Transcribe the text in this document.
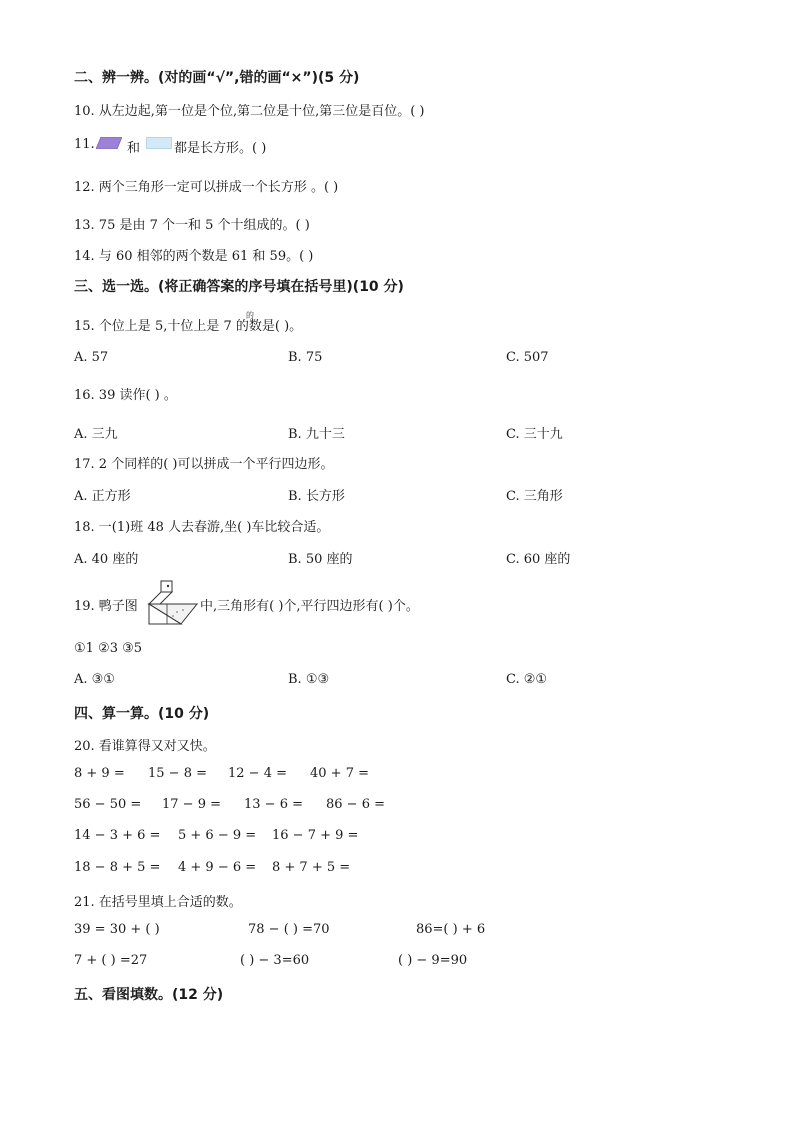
二、辨一辨。(对的画“√”,错的画“×”)(5 分)
10. 从左边起,第一位是个位,第二位是十位,第三位是百位。( )
11. 和	都是长方形。( )
12. 两个三角形一定可以拼成一个长方形 。( )
13. 75 是由 7 个一和 5 个十组成的。( )
14. 与 60 相邻的两个数是 61 和 59。( )
三、选一选。(将正确答案的序号填在括号里)(10 分)
15. 个位上是 5,十位上是 7 的数是( )。
的
A. 57	B. 75	C. 507
16. 39 读作( ) 。
A. 三九	B. 九十三	C. 三十九
17. 2 个同样的( )可以拼成一个平行四边形。
A. 正方形	B. 长方形	C. 三角形
18. 一(1)班 48 人去春游,坐( )车比较合适。
A. 40 座的	B. 50 座的	C. 60 座的
19. 鸭子图	中,三角形有( )个,平行四边形有( )个。
①1 ②3 ③5
A. ③①	B. ①③	C. ②①
四、算一算。(10 分)
20. 看谁算得又对又快。
8 + 9 = 15 − 8 = 12 − 4 = 40 + 7 =
56 − 50 = 17 − 9 = 13 − 6 = 86 − 6 =
14 − 3 + 6 = 5 + 6 − 9 = 16 − 7 + 9 =
18 − 8 + 5 = 4 + 9 − 6 = 8 + 7 + 5 =
21. 在括号里填上合适的数。
39 = 30 + ( )	78 − ( ) =70	86=( ) + 6
7 + ( ) =27	( ) − 3=60	( ) − 9=90
五、看图填数。(12 分)
